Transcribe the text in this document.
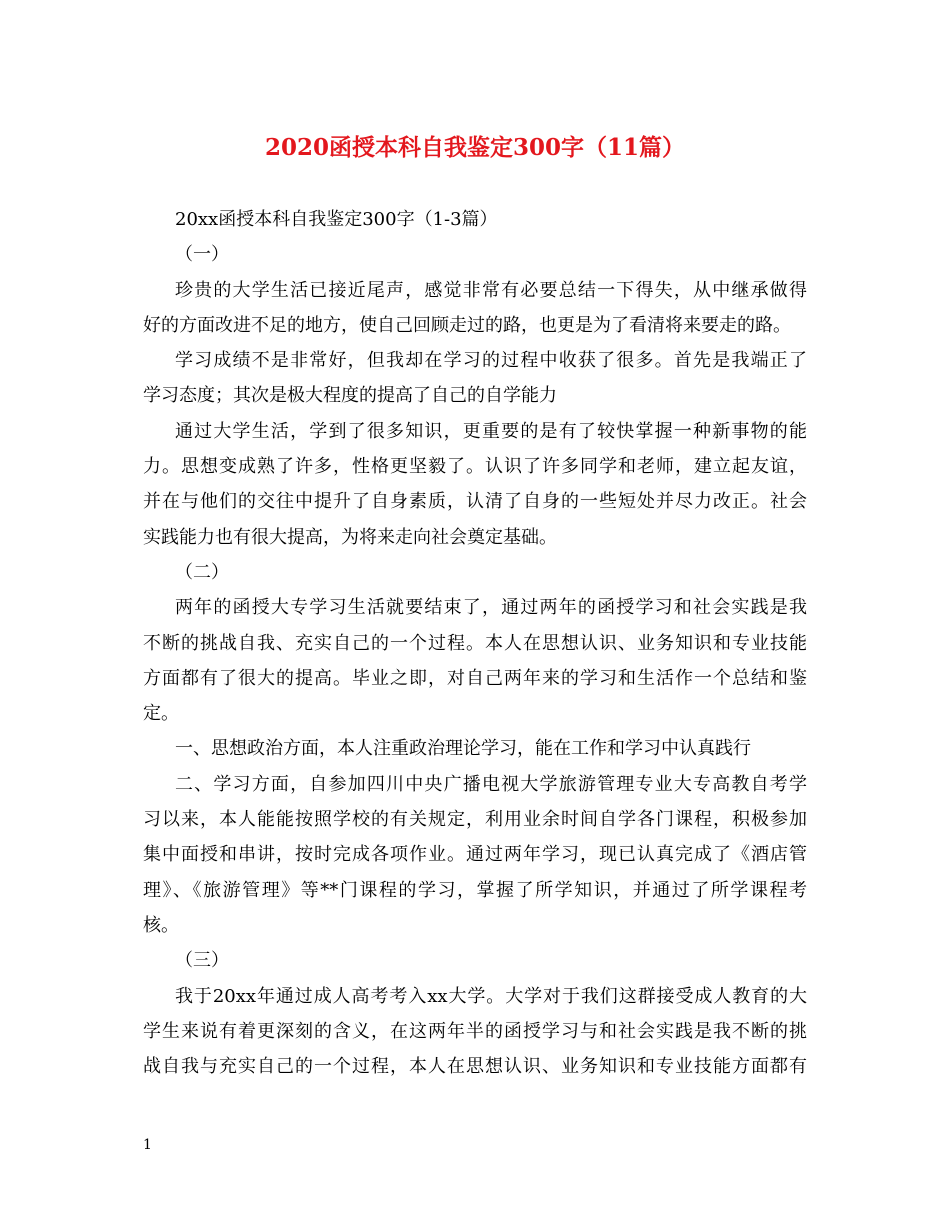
2020函授本科自我鉴定300字（11篇）
20xx函授本科自我鉴定300字（1-3篇）
（一）
珍贵的大学生活已接近尾声，感觉非常有必要总结一下得失，从中继承做得
好的方面改进不足的地方，使自己回顾走过的路，也更是为了看清将来要走的路。
学习成绩不是非常好，但我却在学习的过程中收获了很多。首先是我端正了
学习态度；其次是极大程度的提高了自己的自学能力
通过大学生活，学到了很多知识，更重要的是有了较快掌握一种新事物的能
力。思想变成熟了许多，性格更坚毅了。认识了许多同学和老师，建立起友谊，
并在与他们的交往中提升了自身素质，认清了自身的一些短处并尽力改正。社会
实践能力也有很大提高，为将来走向社会奠定基础。
（二）
两年的函授大专学习生活就要结束了，通过两年的函授学习和社会实践是我
不断的挑战自我、充实自己的一个过程。本人在思想认识、业务知识和专业技能
方面都有了很大的提高。毕业之即，对自己两年来的学习和生活作一个总结和鉴
定。
一、思想政治方面，本人注重政治理论学习，能在工作和学习中认真践行
二、学习方面，自参加四川中央广播电视大学旅游管理专业大专高教自考学
习以来，本人能能按照学校的有关规定，利用业余时间自学各门课程，积极参加
集中面授和串讲，按时完成各项作业。通过两年学习，现已认真完成了《酒店管
理》、《旅游管理》等**门课程的学习，掌握了所学知识，并通过了所学课程考
核。
（三）
我于20xx年通过成人高考考入xx大学。大学对于我们这群接受成人教育的大
学生来说有着更深刻的含义，在这两年半的函授学习与和社会实践是我不断的挑
战自我与充实自己的一个过程，本人在思想认识、业务知识和专业技能方面都有
1
